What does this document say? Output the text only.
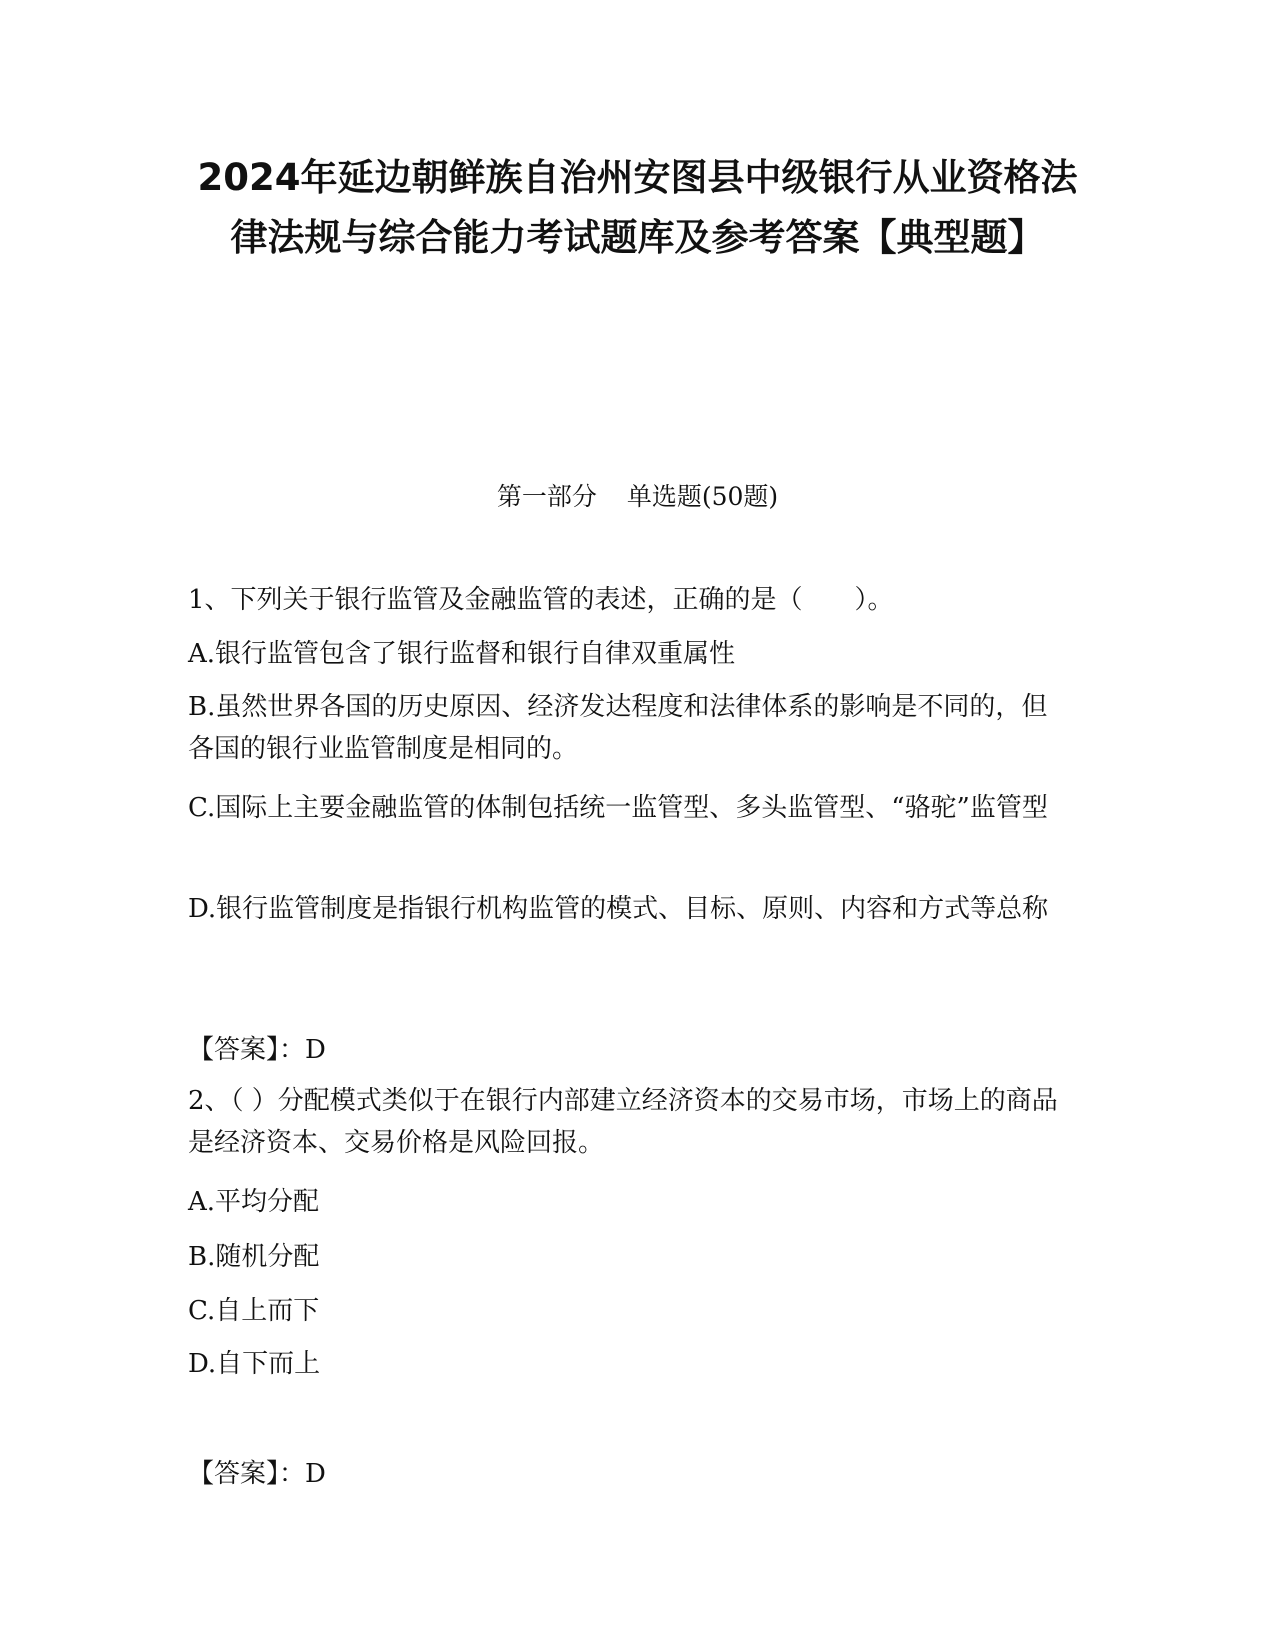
2024年延边朝鲜族自治州安图县中级银行从业资格法律法规与综合能力考试题库及参考答案【典型题】
第一部分 单选题(50题)
1、下列关于银行监管及金融监管的表述，正确的是（　　）。
A.银行监管包含了银行监督和银行自律双重属性
B.虽然世界各国的历史原因、经济发达程度和法律体系的影响是不同的，但各国的银行业监管制度是相同的。
C.国际上主要金融监管的体制包括统一监管型、多头监管型、“骆驼”监管型
D.银行监管制度是指银行机构监管的模式、目标、原则、内容和方式等总称
【答案】：D
2、（ ）分配模式类似于在银行内部建立经济资本的交易市场，市场上的商品是经济资本、交易价格是风险回报。
A.平均分配
B.随机分配
C.自上而下
D.自下而上
【答案】：D
